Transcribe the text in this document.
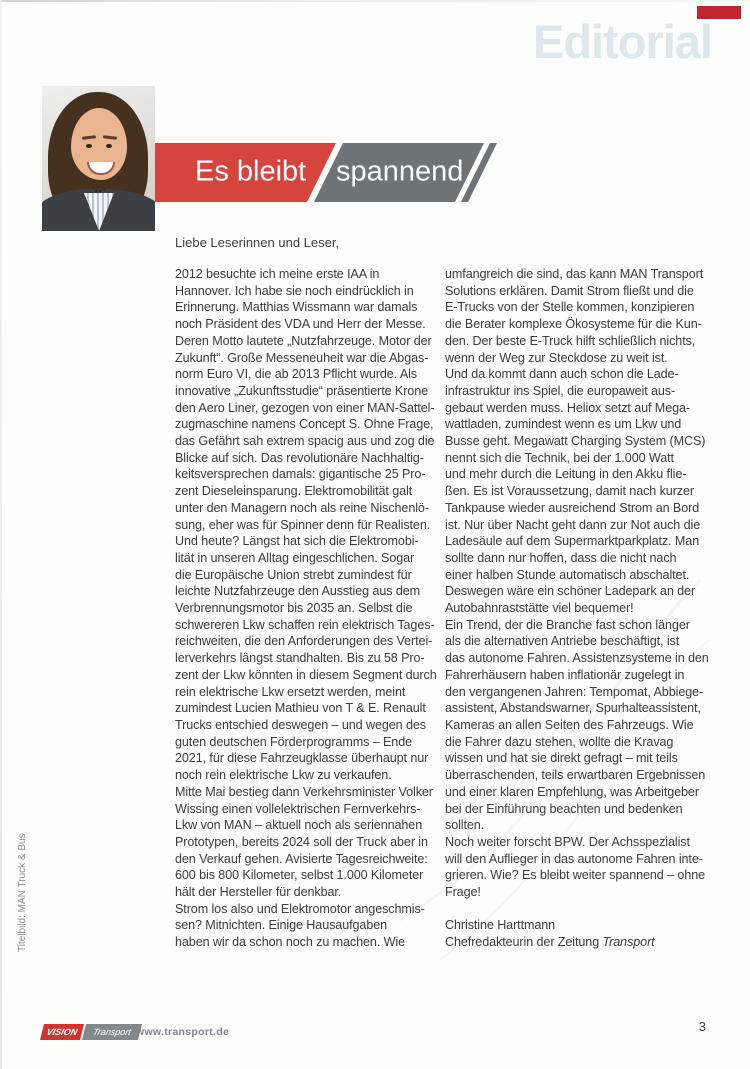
Editorial
Es bleibt spannend
Liebe Leserinnen und Leser,
2012 besuchte ich meine erste IAA in
Hannover. Ich habe sie noch eindrücklich in
Erinnerung. Matthias Wissmann war damals
noch Präsident des VDA und Herr der Messe.
Deren Motto lautete „Nutzfahrzeuge. Motor der
Zukunft“. Große Messeneuheit war die Abgas-
norm Euro VI, die ab 2013 Pflicht wurde. Als
innovative „Zukunftsstudie“ präsentierte Krone
den Aero Liner, gezogen von einer MAN-Sattel-
zugmaschine namens Concept S. Ohne Frage,
das Gefährt sah extrem spacig aus und zog die
Blicke auf sich. Das revolutionäre Nachhaltig-
keitsversprechen damals: gigantische 25 Pro-
zent Dieseleinsparung. Elektromobilität galt
unter den Managern noch als reine Nischenlö-
sung, eher was für Spinner denn für Realisten.
Und heute? Längst hat sich die Elektromobi-
lität in unseren Alltag eingeschlichen. Sogar
die Europäische Union strebt zumindest für
leichte Nutzfahrzeuge den Ausstieg aus dem
Verbrennungsmotor bis 2035 an. Selbst die
schwereren Lkw schaffen rein elektrisch Tages-
reichweiten, die den Anforderungen des Vertei-
lerverkehrs längst standhalten. Bis zu 58 Pro-
zent der Lkw könnten in diesem Segment durch
rein elektrische Lkw ersetzt werden, meint
zumindest Lucien Mathieu von T & E. Renault
Trucks entschied deswegen – und wegen des
guten deutschen Förderprogramms – Ende
2021, für diese Fahrzeugklasse überhaupt nur
noch rein elektrische Lkw zu verkaufen.
Mitte Mai bestieg dann Verkehrsminister Volker
Wissing einen vollelektrischen Fernverkehrs-
Lkw von MAN – aktuell noch als seriennahen
Prototypen, bereits 2024 soll der Truck aber in
den Verkauf gehen. Avisierte Tagesreichweite:
600 bis 800 Kilometer, selbst 1.000 Kilometer
hält der Hersteller für denkbar.
Strom los also und Elektromotor angeschmis-
sen? Mitnichten. Einige Hausaufgaben
haben wir da schon noch zu machen. Wie
umfangreich die sind, das kann MAN Transport
Solutions erklären. Damit Strom fließt und die
E-Trucks von der Stelle kommen, konzipieren
die Berater komplexe Ökosysteme für die Kun-
den. Der beste E-Truck hilft schließlich nichts,
wenn der Weg zur Steckdose zu weit ist.
Und da kommt dann auch schon die Lade-
infrastruktur ins Spiel, die europaweit aus-
gebaut werden muss. Heliox setzt auf Mega-
wattladen, zumindest wenn es um Lkw und
Busse geht. Megawatt Charging System (MCS)
nennt sich die Technik, bei der 1.000 Watt
und mehr durch die Leitung in den Akku flie-
ßen. Es ist Voraussetzung, damit nach kurzer
Tankpause wieder ausreichend Strom an Bord
ist. Nur über Nacht geht dann zur Not auch die
Ladesäule auf dem Supermarktparkplatz. Man
sollte dann nur hoffen, dass die nicht nach
einer halben Stunde automatisch abschaltet.
Deswegen wäre ein schöner Ladepark an der
Autobahnraststätte viel bequemer!
Ein Trend, der die Branche fast schon länger
als die alternativen Antriebe beschäftigt, ist
das autonome Fahren. Assistenzsysteme in den
Fahrerhäusern haben inflationär zugelegt in
den vergangenen Jahren: Tempomat, Abbiege-
assistent, Abstandswarner, Spurhalteassistent,
Kameras an allen Seiten des Fahrzeugs. Wie
die Fahrer dazu stehen, wollte die Kravag
wissen und hat sie direkt gefragt – mit teils
überraschenden, teils erwartbaren Ergebnissen
und einer klaren Empfehlung, was Arbeitgeber
bei der Einführung beachten und bedenken
sollten.
Noch weiter forscht BPW. Der Achsspezialist
will den Auflieger in das autonome Fahren inte-
grieren. Wie? Es bleibt weiter spannend – ohne
Frage!
Christine Harttmann
Chefredakteurin der Zeitung Transport
Titelbild: MAN Truck & Bus
VISION	Transport www.transport.de	3
